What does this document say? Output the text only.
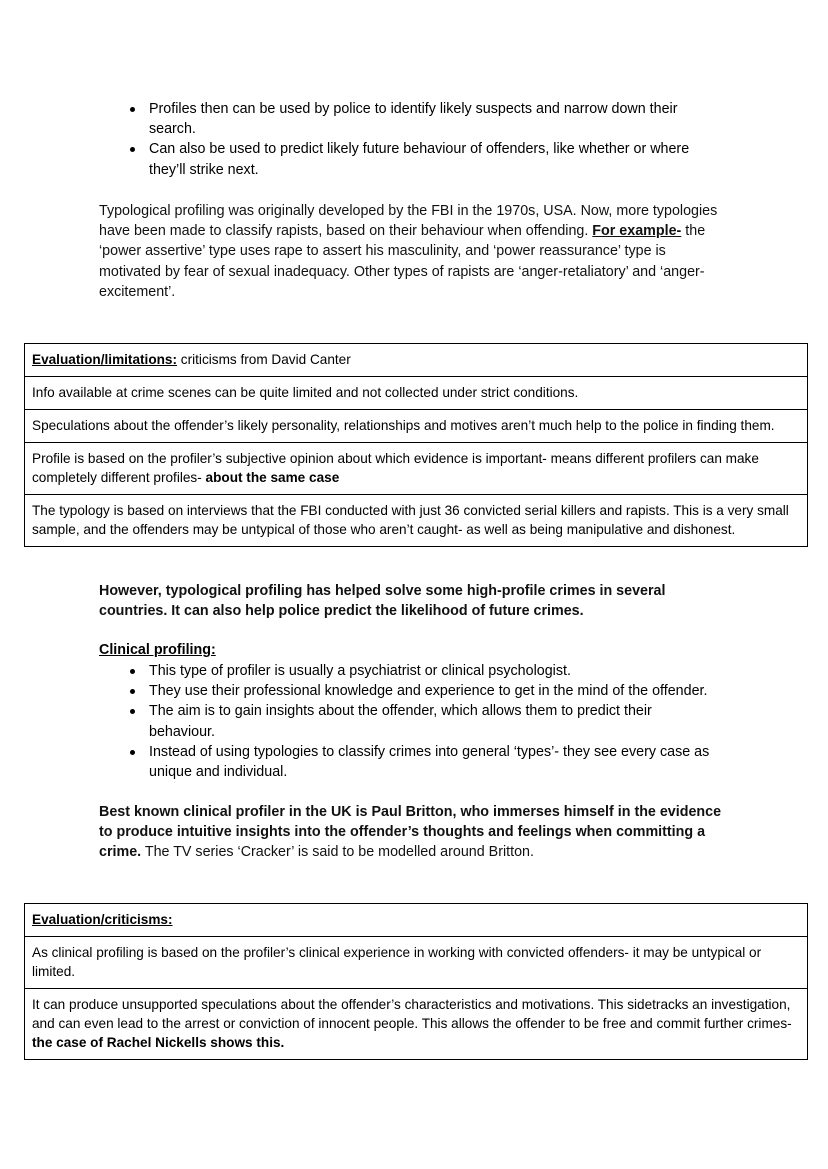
Profiles then can be used by police to identify likely suspects and narrow down their search.
Can also be used to predict likely future behaviour of offenders, like whether or where they’ll strike next.

Typological profiling was originally developed by the FBI in the 1970s, USA. Now, more typologies have been made to classify rapists, based on their behaviour when offending. For example- the ‘power assertive’ type uses rape to assert his masculinity, and ‘power reassurance’ type is motivated by fear of sexual inadequacy. Other types of rapists are ‘anger-retaliatory’ and ‘anger-excitement’.

Evaluation/limitations: criticisms from David Canter
Info available at crime scenes can be quite limited and not collected under strict conditions.
Speculations about the offender’s likely personality, relationships and motives aren’t much help to the police in finding them.
Profile is based on the profiler’s subjective opinion about which evidence is important- means different profilers can make completely different profiles- about the same case
The typology is based on interviews that the FBI conducted with just 36 convicted serial killers and rapists. This is a very small sample, and the offenders may be untypical of those who aren’t caught- as well as being manipulative and dishonest.

However, typological profiling has helped solve some high-profile crimes in several countries. It can also help police predict the likelihood of future crimes.

Clinical profiling:
This type of profiler is usually a psychiatrist or clinical psychologist.
They use their professional knowledge and experience to get in the mind of the offender.
The aim is to gain insights about the offender, which allows them to predict their behaviour.
Instead of using typologies to classify crimes into general ‘types’- they see every case as unique and individual.

Best known clinical profiler in the UK is Paul Britton, who immerses himself in the evidence to produce intuitive insights into the offender’s thoughts and feelings when committing a crime. The TV series ‘Cracker’ is said to be modelled around Britton.

Evaluation/criticisms:
As clinical profiling is based on the profiler’s clinical experience in working with convicted offenders- it may be untypical or limited.
It can produce unsupported speculations about the offender’s characteristics and motivations. This sidetracks an investigation, and can even lead to the arrest or conviction of innocent people. This allows the offender to be free and commit further crimes- the case of Rachel Nickells shows this.
